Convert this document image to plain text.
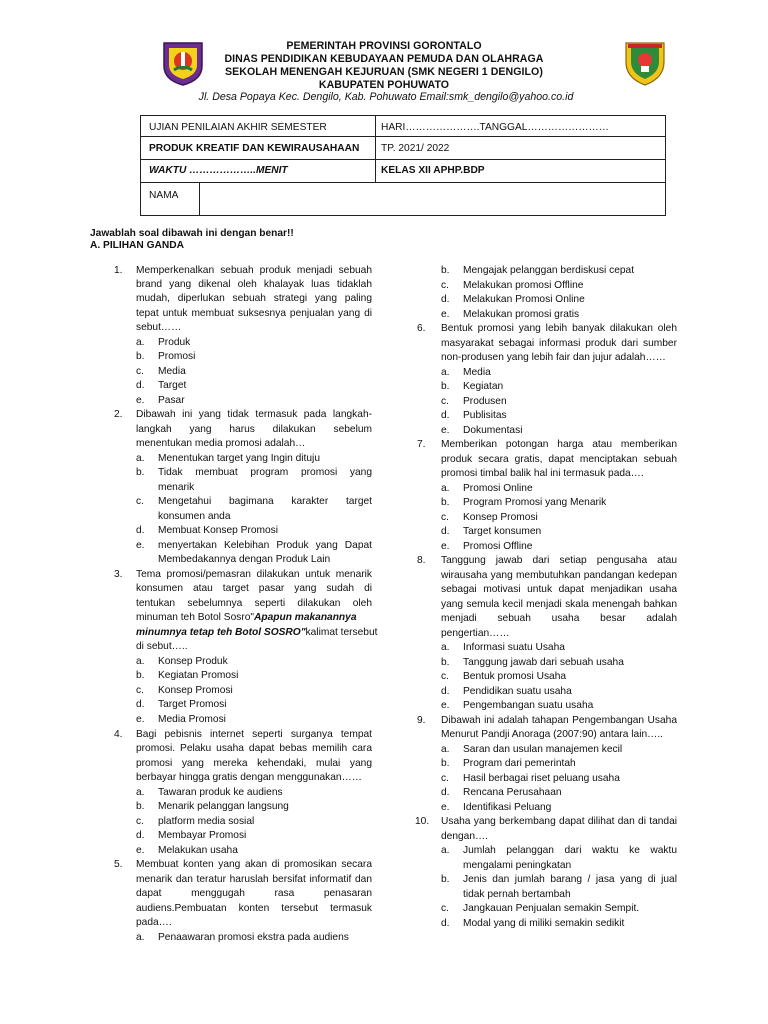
PEMERINTAH PROVINSI GORONTALO
DINAS PENDIDIKAN KEBUDAYAAN PEMUDA DAN OLAHRAGA
SEKOLAH MENENGAH KEJURUAN (SMK NEGERI 1 DENGILO)
KABUPATEN POHUWATO
Jl. Desa Popaya Kec. Dengilo, Kab. Pohuwato Email:smk_dengilo@yahoo.co.id
UJIAN PENILAIAN AKHIR SEMESTER	HARI………………….TANGGAL……………………
PRODUK KREATIF DAN KEWIRAUSAHAAN TP. 2021/ 2022
WAKTU ………………..MENIT	KELAS XII APHP.BDP
NAMA
Jawablah soal dibawah ini dengan benar!!
A. PILIHAN GANDA
1. Memperkenalkan sebuah produk menjadi sebuah
brand yang dikenal oleh khalayak luas tidaklah
mudah, diperlukan sebuah strategi yang paling
tepat untuk membuat suksesnya penjualan yang di
sebut……
a. Produk
b. Promosi
c. Media
d. Target
e. Pasar
2. Dibawah ini yang tidak termasuk pada langkah-
langkah yang harus dilakukan sebelum
menentukan media promosi adalah…
a. Menentukan target yang Ingin dituju
b. Tidak membuat program promosi yang
menarik
c. Mengetahui bagimana karakter target
konsumen anda
d. Membuat Konsep Promosi
e. menyertakan Kelebihan Produk yang Dapat
Membedakannya dengan Produk Lain
3. Tema promosi/pemasran dilakukan untuk menarik
konsumen atau target pasar yang sudah di
tentukan sebelumnya seperti dilakukan oleh
minuman teh Botol Sosro"Apapun makanannya
minumnya tetap teh Botol SOSRO"kalimat tersebut
di sebut…..
a. Konsep Produk
b. Kegiatan Promosi
c. Konsep Promosi
d. Target Promosi
e. Media Promosi
4. Bagi pebisnis internet seperti surganya tempat
promosi. Pelaku usaha dapat bebas memilih cara
promosi yang mereka kehendaki, mulai yang
berbayar hingga gratis dengan menggunakan……
a. Tawaran produk ke audiens
b. Menarik pelanggan langsung
c. platform media sosial
d. Membayar Promosi
e. Melakukan usaha
5. Membuat konten yang akan di promosikan secara
menarik dan teratur haruslah bersifat informatif dan
dapat menggugah rasa penasaran
audiens.Pembuatan konten tersebut termasuk
pada….
a. Penaawaran promosi ekstra pada audiens
b. Mengajak pelanggan berdiskusi cepat
c. Melakukan promosi Offline
d. Melakukan Promosi Online
e. Melakukan promosi gratis
6. Bentuk promosi yang lebih banyak dilakukan oleh
masyarakat sebagai informasi produk dari sumber
non-produsen yang lebih fair dan jujur adalah……
a. Media
b. Kegiatan
c. Produsen
d. Publisitas
e. Dokumentasi
7. Memberikan potongan harga atau memberikan
produk secara gratis, dapat menciptakan sebuah
promosi timbal balik hal ini termasuk pada….
a. Promosi Online
b. Program Promosi yang Menarik
c. Konsep Promosi
d. Target konsumen
e. Promosi Offline
8. Tanggung jawab dari setiap pengusaha atau
wirausaha yang membutuhkan pandangan kedepan
sebagai motivasi untuk dapat menjadikan usaha
yang semula kecil menjadi skala menengah bahkan
menjadi sebuah usaha besar adalah
pengertian……
a. Informasi suatu Usaha
b. Tanggung jawab dari sebuah usaha
c. Bentuk promosi Usaha
d. Pendidikan suatu usaha
e. Pengembangan suatu usaha
9. Dibawah ini adalah tahapan Pengembangan Usaha
Menurut Pandji Anoraga (2007:90) antara lain…..
a. Saran dan usulan manajemen kecil
b. Program dari pemerintah
c. Hasil berbagai riset peluang usaha
d. Rencana Perusahaan
e. Identifikasi Peluang
10. Usaha yang berkembang dapat dilihat dan di tandai
dengan….
a. Jumlah pelanggan dari waktu ke waktu
mengalami peningkatan
b. Jenis dan jumlah barang / jasa yang di jual
tidak pernah bertambah
c. Jangkauan Penjualan semakin Sempit.
d. Modal yang di miliki semakin sedikit
